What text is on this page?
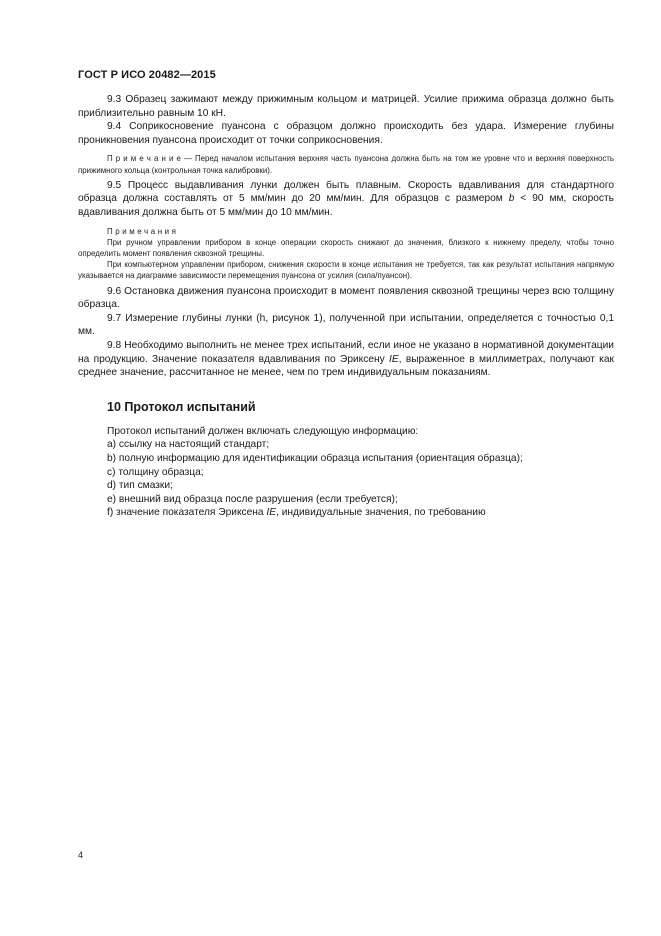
ГОСТ Р ИСО 20482—2015

9.3 Образец зажимают между прижимным кольцом и матрицей. Усилие прижима образца должно быть приблизительно равным 10 кН.

9.4 Соприкосновение пуансона с образцом должно происходить без удара. Измерение глубины проникновения пуансона происходит от точки соприкосновения.

П р и м е ч а н и е — Перед началом испытания верхняя часть пуансона должна быть на том же уровне что и верхняя поверхность прижимного кольца (контрольная точка калибровки).

9.5 Процесс выдавливания лунки должен быть плавным. Скорость вдавливания для стандартного образца должна составлять от 5 мм/мин до 20 мм/мин. Для образцов с размером b < 90 мм, скорость вдавливания должна быть от 5 мм/мин до 10 мм/мин.

Примечания

При ручном управлении прибором в конце операции скорость снижают до значения, близкого к нижнему пределу, чтобы точно определить момент появления сквозной трещины.

При компьютерном управлении прибором, снижения скорости в конце испытания не требуется, так как результат испытания напрямую указывается на диаграмме зависимости перемещения пуансона от усилия (сила/пуансон).

9.6 Остановка движения пуансона происходит в момент появления сквозной трещины через всю толщину образца.

9.7 Измерение глубины лунки (h, рисунок 1), полученной при испытании, определяется с точностью 0,1 мм.

9.8 Необходимо выполнить не менее трех испытаний, если иное не указано в нормативной документации на продукцию. Значение показателя вдавливания по Эриксену IE, выраженное в миллиметрах, получают как среднее значение, рассчитанное не менее, чем по трем индивидуальным показаниям.

10 Протокол испытаний

Протокол испытаний должен включать следующую информацию:

a) ссылку на настоящий стандарт;
b) полную информацию для идентификации образца испытания (ориентация образца);
c) толщину образца;
d) тип смазки;
e) внешний вид образца после разрушения (если требуется);
f) значение показателя Эриксена IE, индивидуальные значения, по требованию
4
